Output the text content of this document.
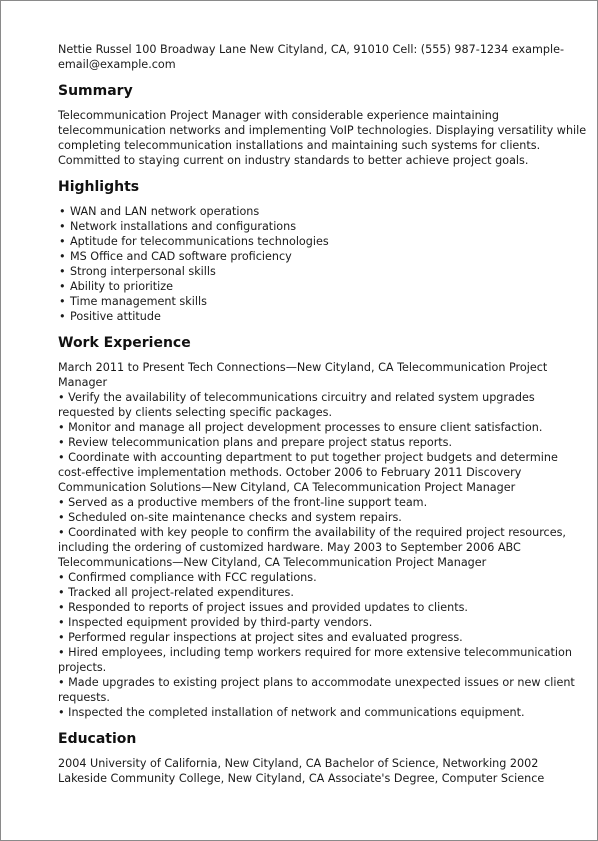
Nettie Russel 100 Broadway Lane New Cityland, CA, 91010 Cell: (555) 987-1234 example-email@example.com

Summary

Telecommunication Project Manager with considerable experience maintaining telecommunication networks and implementing VoIP technologies. Displaying versatility while completing telecommunication installations and maintaining such systems for clients. Committed to staying current on industry standards to better achieve project goals.

Highlights
• WAN and LAN network operations
• Network installations and configurations
• Aptitude for telecommunications technologies
• MS Office and CAD software proficiency
• Strong interpersonal skills
• Ability to prioritize
• Time management skills
• Positive attitude
Work Experience

March 2011 to Present Tech Connections—New Cityland, CA Telecommunication Project Manager
• Verify the availability of telecommunications circuitry and related system upgrades requested by clients selecting specific packages.
• Monitor and manage all project development processes to ensure client satisfaction.
• Review telecommunication plans and prepare project status reports.
• Coordinate with accounting department to put together project budgets and determine cost-effective implementation methods. October 2006 to February 2011 Discovery Communication Solutions—New Cityland, CA Telecommunication Project Manager
• Served as a productive members of the front-line support team.
• Scheduled on-site maintenance checks and system repairs.
• Coordinated with key people to confirm the availability of the required project resources, including the ordering of customized hardware. May 2003 to September 2006 ABC Telecommunications—New Cityland, CA Telecommunication Project Manager
• Confirmed compliance with FCC regulations.
• Tracked all project-related expenditures.
• Responded to reports of project issues and provided updates to clients.
• Inspected equipment provided by third-party vendors.
• Performed regular inspections at project sites and evaluated progress.
• Hired employees, including temp workers required for more extensive telecommunication projects.
• Made upgrades to existing project plans to accommodate unexpected issues or new client requests.
• Inspected the completed installation of network and communications equipment.

Education

2004 University of California, New Cityland, CA Bachelor of Science, Networking 2002 Lakeside Community College, New Cityland, CA Associate's Degree, Computer Science
